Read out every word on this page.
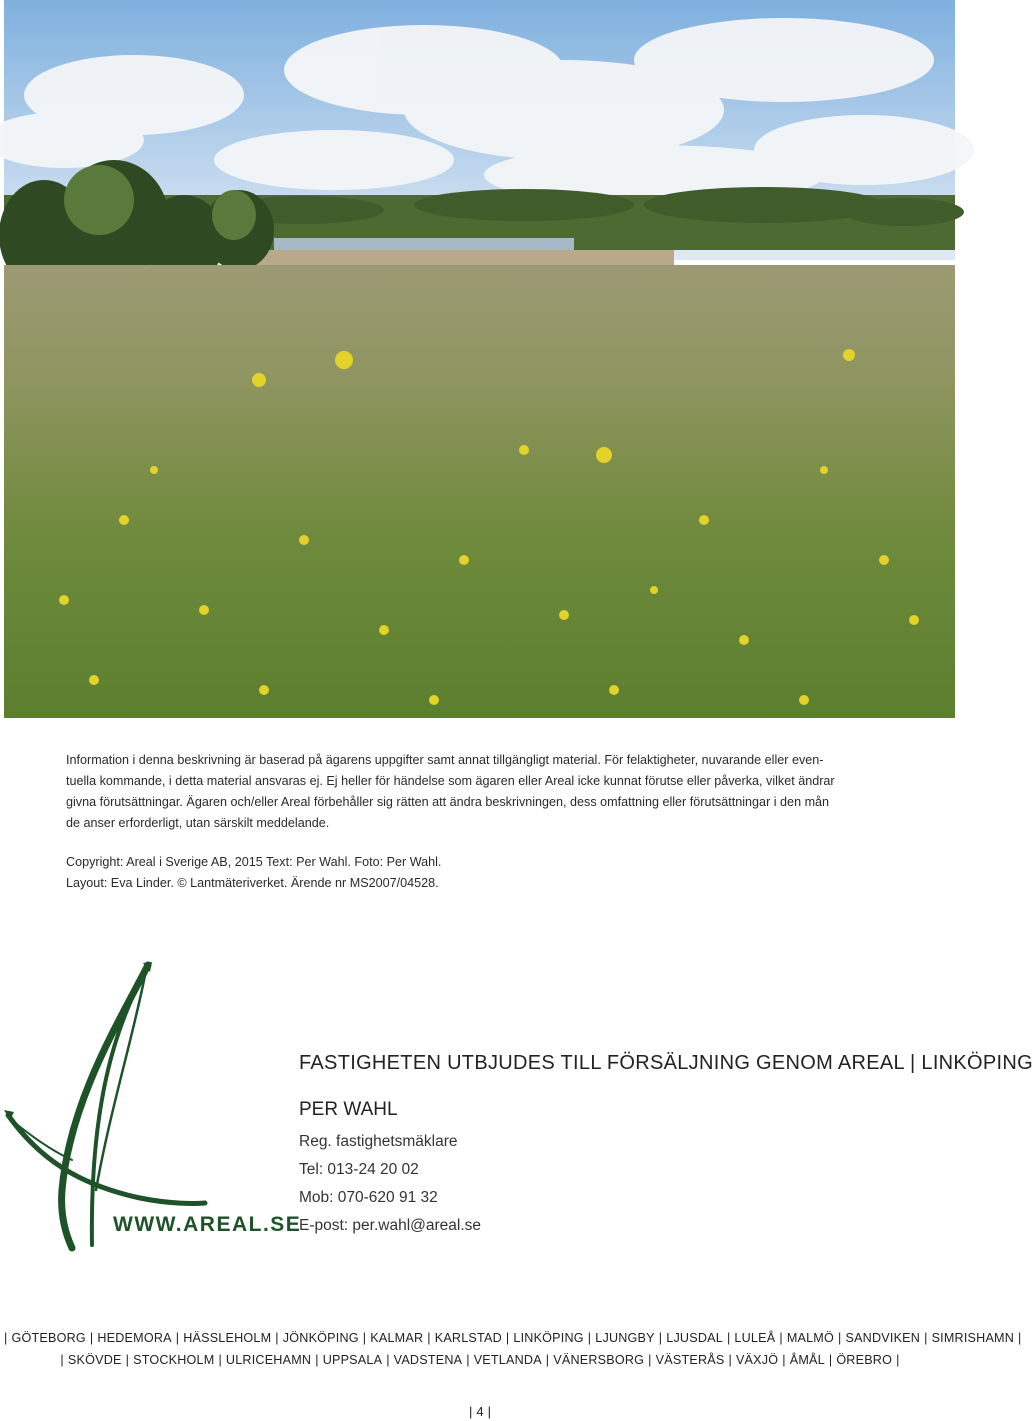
Information i denna beskrivning är baserad på ägarens uppgifter samt annat tillgängligt material. För felaktigheter, nuvarande eller even-
tuella kommande, i detta material ansvaras ej. Ej heller för händelse som ägaren eller Areal icke kunnat förutse eller påverka, vilket ändrar
givna förutsättningar. Ägaren och/eller Areal förbehåller sig rätten att ändra beskrivningen, dess omfattning eller förutsättningar i den mån
de anser erforderligt, utan särskilt meddelande.
Copyright: Areal i Sverige AB, 2015 Text: Per Wahl. Foto: Per Wahl.
Layout: Eva Linder. © Lantmäteriverket. Ärende nr MS2007/04528.
WWW.AREAL.SE
FASTIGHETEN UTBJUDES TILL FÖRSÄLJNING GENOM AREAL | LINKÖPING
PER WAHL
Reg. fastighetsmäklare
Tel: 013-24 20 02
Mob: 070-620 91 32
E-post: per.wahl@areal.se
| GÖTEBORG | HEDEMORA | HÄSSLEHOLM | JÖNKÖPING | KALMAR | KARLSTAD | LINKÖPING | LJUNGBY | LJUSDAL | LULEÅ | MALMÖ | SANDVIKEN | SIMRISHAMN |
| SKÖVDE | STOCKHOLM | ULRICEHAMN | UPPSALA | VADSTENA | VETLANDA | VÄNERSBORG | VÄSTERÅS | VÄXJÖ | ÅMÅL | ÖREBRO |
| 4 |
